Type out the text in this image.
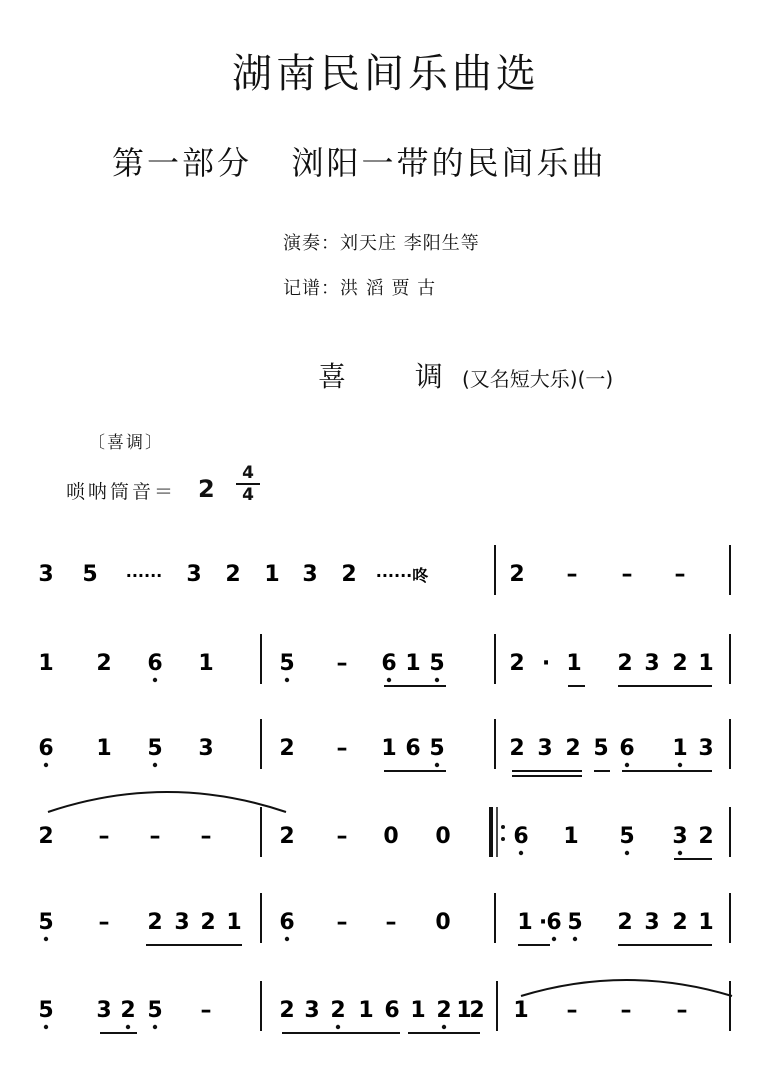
湖南民间乐曲选
第一部分   浏阳一带的民间乐曲
演奏：刘天庄 李阳生等
记谱：洪 滔 贾 古
喜 调
(又名短大乐)(一)
〔喜调〕
唢呐筒音＝ 2
4
4
3 5 ······ 3 2 1 3 2 ······咚	2 – – –
1 2 6 1	5 – 6 1 5	2 · 1 2 3 2 1
6 1 5 3	2 – 1 6 5	2 3 2 5 6 1 3
2 – – –	2 – 0 0	6 1 5 3 2
5 – 2 3 2 1 6 – – 0	1 · 6 5 2 3 2 1
5 3 2 5 –	2 3 2 1 6 1 2 1
2 1 – – –
